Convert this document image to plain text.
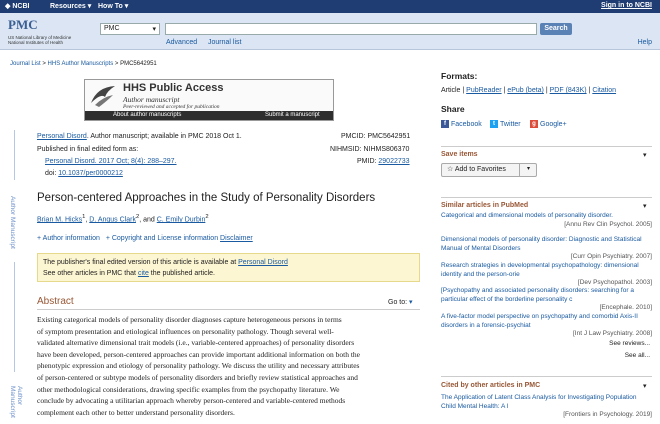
◆ NCBI	Resources ▾ How To ▾	Sign in to NCBI
PMC
US National Library of Medicine
National Institutes of Health
PMC	▾	Search
Advanced Journal list	Help
Journal List > HHS Author Manuscripts > PMC5642951
HHS Public Access
Author manuscript
Peer-reviewed and accepted for publication
About author manuscripts	Submit a manuscript
Personal Disord. Author manuscript; available in PMC 2018 Oct 1.
Published in final edited form as:
Personal Disord. 2017 Oct; 8(4): 288–297.
doi: 10.1037/per0000212
PMCID: PMC5642951
NIHMSID: NIHMS806370
PMID: 29022733
Person-centered Approaches in the Study of Personality Disorders
Brian M. Hicks$^1$, D. Angus Clark$^2$, and C. Emily Durbin$^2$
+ Author information + Copyright and License information Disclaimer
The publisher's final edited version of this article is available at Personal Disord
See other articles in PMC that cite the published article.
Abstract	Go to: ▾
Existing categorical models of personality disorder diagnoses capture heterogeneous persons in terms
of symptom presentation and etiological influences on personality pathology. Though several well-
validated alternative dimensional trait models (i.e., variable-centered approaches) of personality disorders
have been developed, person-centered approaches can provide important additional information on both the
phenotypic expression and etiology of personality pathology. We discuss the utility and necessary attributes
of person-centered or subtype models of personality disorders and briefly review statistical approaches and
other methodological considerations, drawing specific examples from the psychopathy literature. We
conclude by advocating a utilitarian approach whereby person-centered and variable-centered methods
complement each other to better understand personality disorders.
Author Manuscript
Author Manuscript
Formats:
Article | PubReader | ePub (beta) | PDF (843K) | Citation
Share
f Facebook	t Twitter	g Google+
Save items	▾
☆ Add to Favorites	▾
Similar articles in PubMed	▾
Categorical and dimensional models of personality disorder.
[Annu Rev Clin Psychol. 2005]
Dimensional models of personality disorder: Diagnostic and Statistical Manual of Mental Disorders
[Curr Opin Psychiatry. 2007]
Research strategies in developmental psychopathology: dimensional identity and the person-orie
[Dev Psychopathol. 2003]
[Psychopathy and associated personality disorders: searching for a particular effect of the borderline personality c
[Encephale. 2010]
A five-factor model perspective on psychopathy and comorbid Axis-II disorders in a forensic-psychiat
[Int J Law Psychiatry. 2008]
See reviews...
See all...
Cited by other articles in PMC	▾
The Application of Latent Class Analysis for Investigating Population Child Mental Health: A l
[Frontiers in Psychology. 2019]
